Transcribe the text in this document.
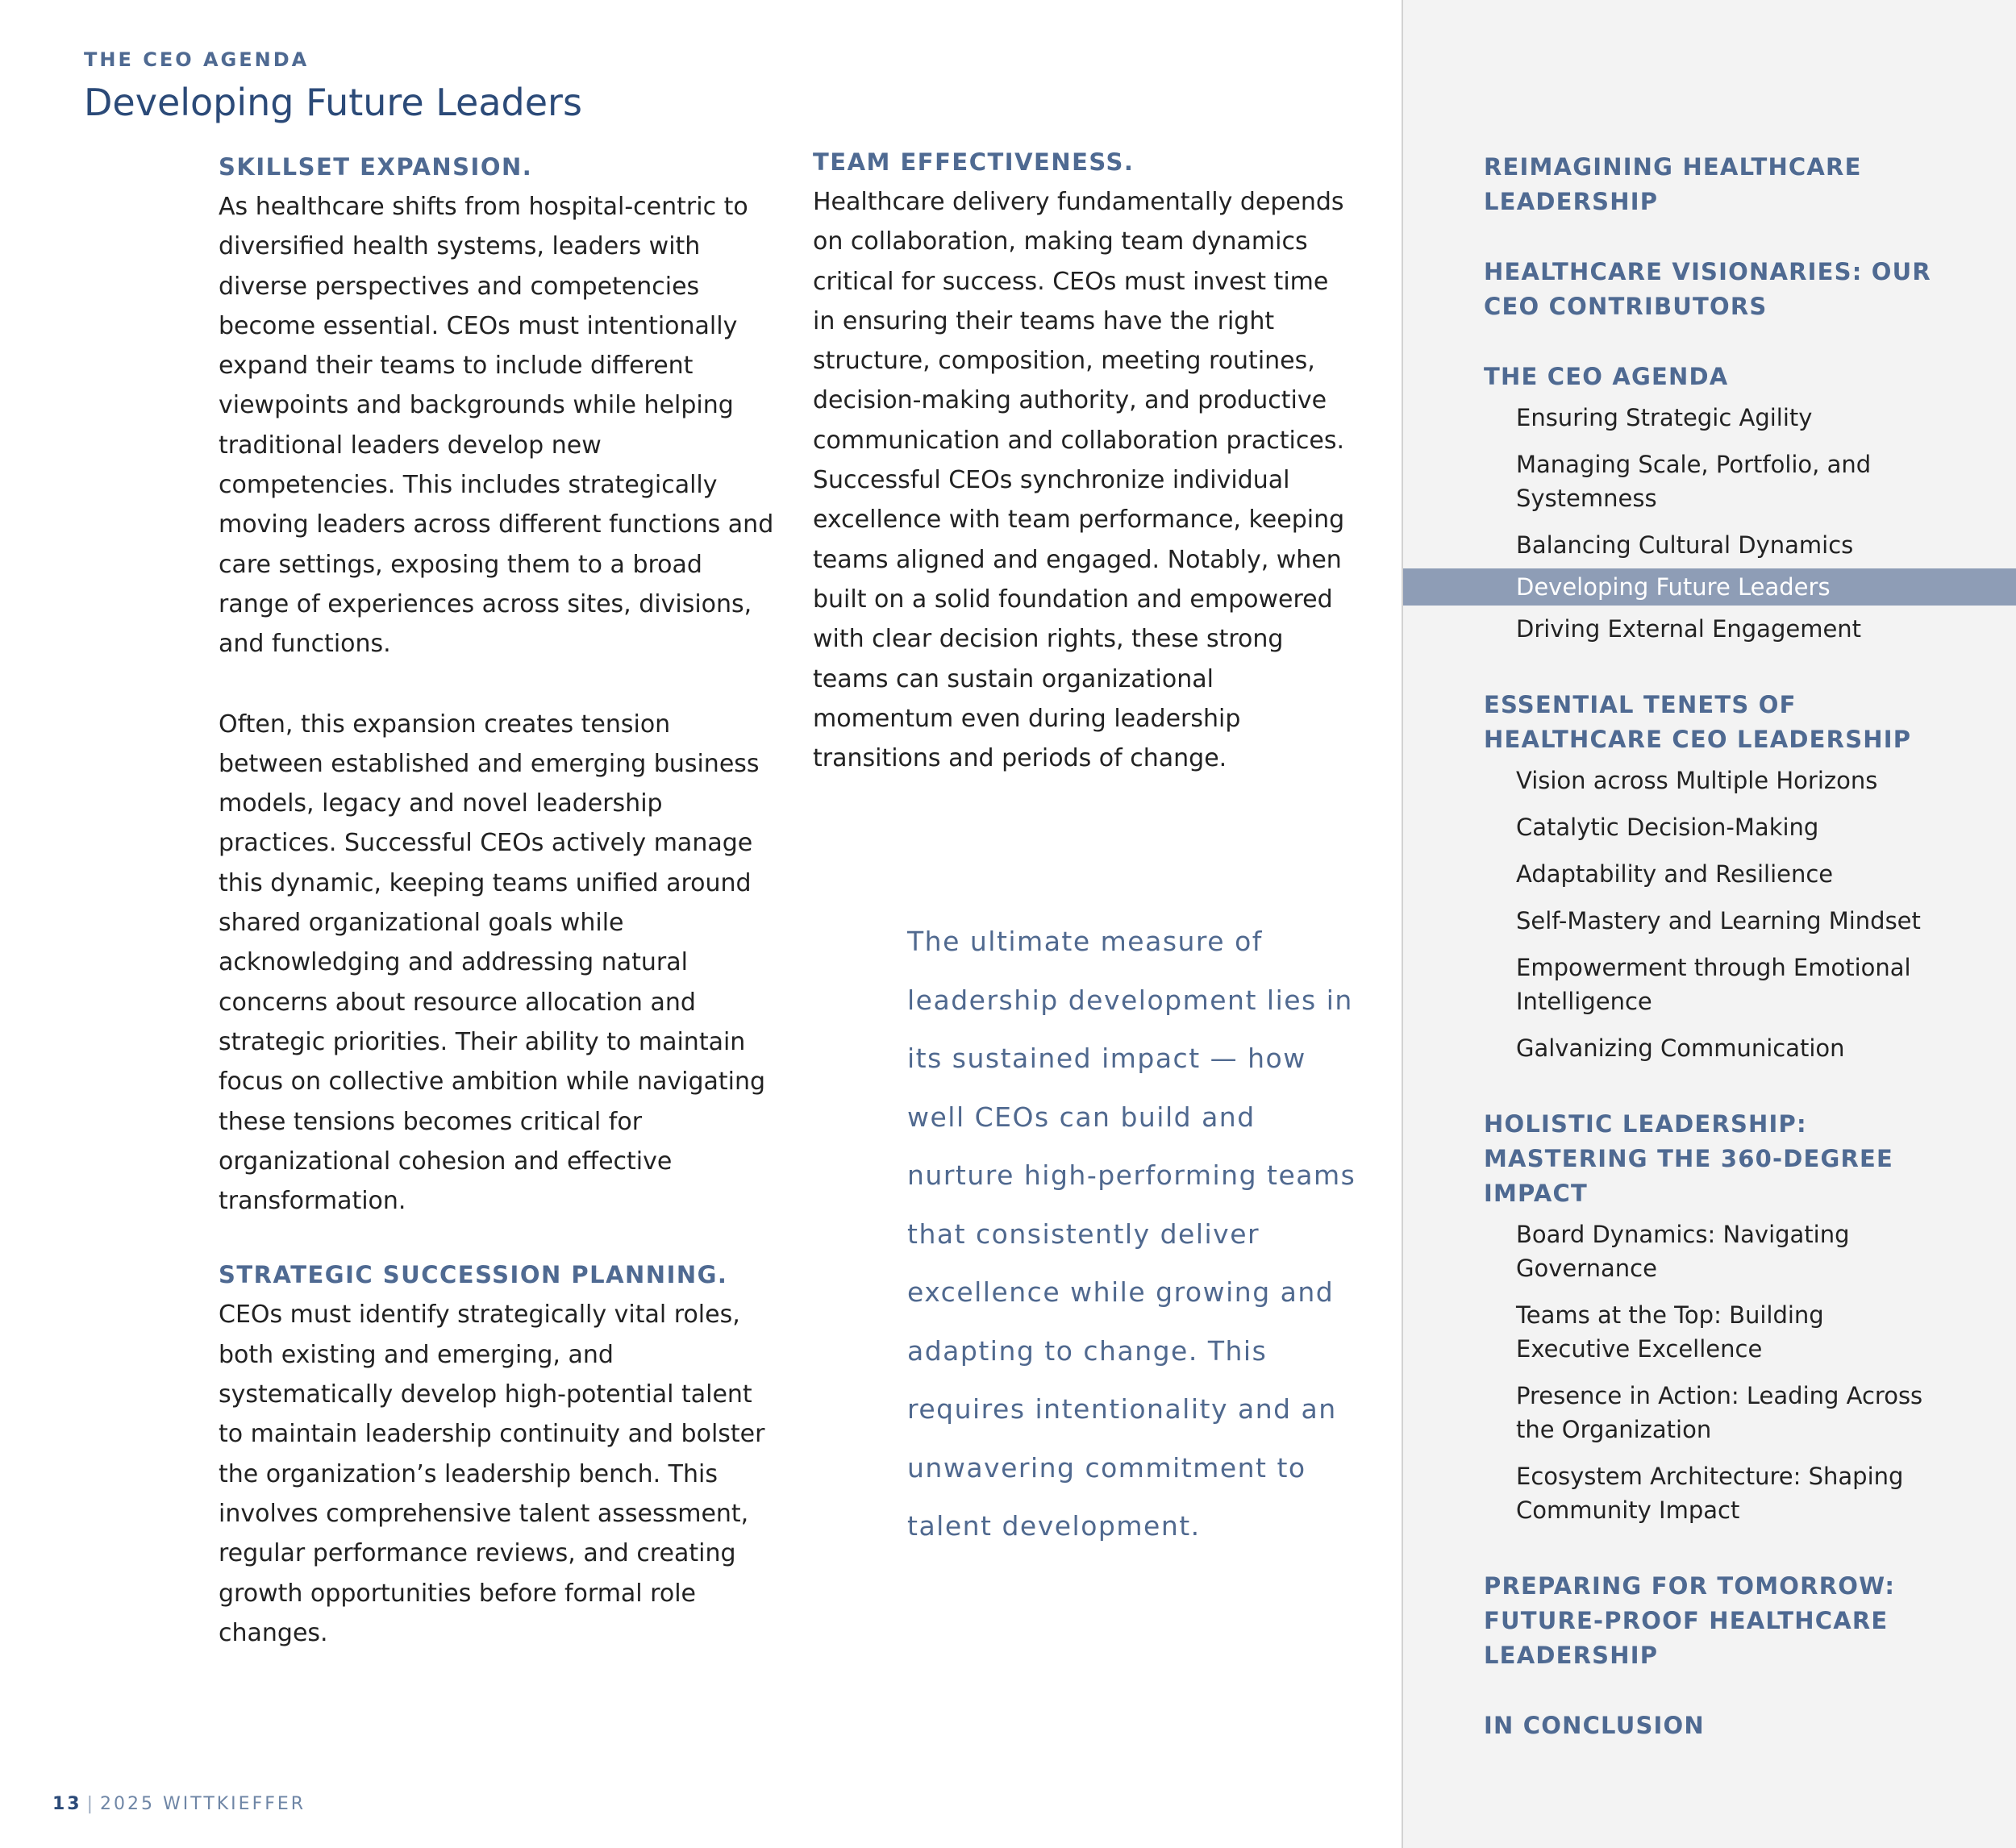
THE CEO AGENDA
Developing Future Leaders
SKILLSET EXPANSION.

As healthcare shifts from hospital-centric to diversified health systems, leaders with diverse perspectives and competencies become essential. CEOs must intentionally expand their teams to include different viewpoints and backgrounds while helping traditional leaders develop new competencies. This includes strategically moving leaders across different functions and care settings, exposing them to a broad range of experiences across sites, divisions, and functions.

Often, this expansion creates tension between established and emerging business models, legacy and novel leadership practices. Successful CEOs actively manage this dynamic, keeping teams unified around shared organizational goals while acknowledging and addressing natural concerns about resource allocation and strategic priorities. Their ability to maintain focus on collective ambition while navigating these tensions becomes critical for organizational cohesion and effective transformation.

STRATEGIC SUCCESSION PLANNING.

CEOs must identify strategically vital roles, both existing and emerging, and systematically develop high-potential talent to maintain leadership continuity and bolster the organization’s leadership bench. This involves comprehensive talent assessment, regular performance reviews, and creating growth opportunities before formal role changes.

TEAM EFFECTIVENESS.

Healthcare delivery fundamentally depends on collaboration, making team dynamics critical for success. CEOs must invest time in ensuring their teams have the right structure, composition, meeting routines, decision-making authority, and productive communication and collaboration practices. Successful CEOs synchronize individual excellence with team performance, keeping teams aligned and engaged. Notably, when built on a solid foundation and empowered with clear decision rights, these strong teams can sustain organizational momentum even during leadership transitions and periods of change.

The ultimate measure of leadership development lies in its sustained impact — how well CEOs can build and nurture high-performing teams that consistently deliver excellence while growing and adapting to change. This requires intentionality and an unwavering commitment to talent development.
13 | 2025 WITTKIEFFER
REIMAGINING HEALTHCARE LEADERSHIP
HEALTHCARE VISIONARIES: OUR CEO CONTRIBUTORS
THE CEO AGENDA
Ensuring Strategic Agility
Managing Scale, Portfolio, and Systemness
Balancing Cultural Dynamics
Developing Future Leaders
Driving External Engagement
ESSENTIAL TENETS OF HEALTHCARE CEO LEADERSHIP
Vision across Multiple Horizons
Catalytic Decision-Making
Adaptability and Resilience
Self-Mastery and Learning Mindset
Empowerment through Emotional Intelligence
Galvanizing Communication
HOLISTIC LEADERSHIP: MASTERING THE 360-DEGREE IMPACT
Board Dynamics: Navigating Governance
Teams at the Top: Building Executive Excellence
Presence in Action: Leading Across the Organization
Ecosystem Architecture: Shaping Community Impact
PREPARING FOR TOMORROW: FUTURE-PROOF HEALTHCARE LEADERSHIP
IN CONCLUSION
